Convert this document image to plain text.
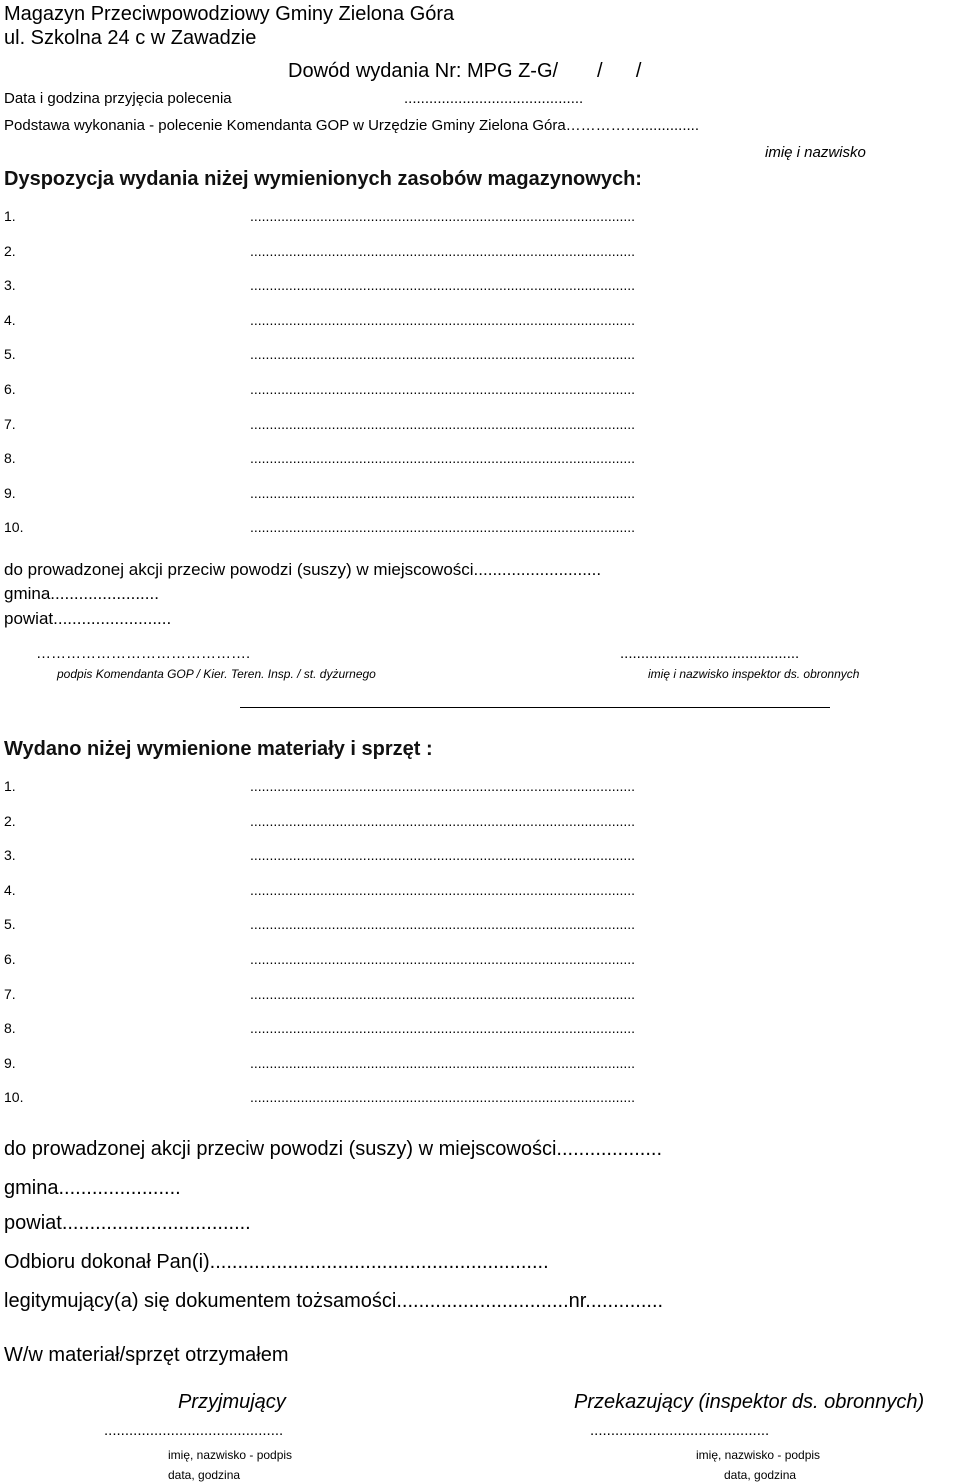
Magazyn Przeciwpowodziowy Gminy Zielona Góra
ul. Szkolna 24 c w Zawadzie
Dowód wydania Nr: MPG Z-G/       /      /
Data i godzina przyjęcia polecenia	...........................................
Podstawa wykonania - polecenie Komendanta GOP w Urzędzie Gminy Zielona Góra……………..............
imię i nazwisko
Dyspozycja wydania niżej wymienionych zasobów magazynowych:
1.	...................................................................................................
2.	...................................................................................................
3.	...................................................................................................
4.	...................................................................................................
5.	...................................................................................................
6.	...................................................................................................
7.	...................................................................................................
8.	...................................................................................................
9.	...................................................................................................
10.	...................................................................................................
do prowadzonej akcji przeciw powodzi (suszy) w miejscowości...........................
gmina.......................
powiat.........................
…………………………………….	...........................................
podpis Komendanta GOP / Kier. Teren. Insp. / st. dyżurnego	imię i nazwisko inspektor ds. obronnych
Wydano niżej wymienione materiały i sprzęt :
1.	...................................................................................................
2.	...................................................................................................
3.	...................................................................................................
4.	...................................................................................................
5.	...................................................................................................
6.	...................................................................................................
7.	...................................................................................................
8.	...................................................................................................
9.	...................................................................................................
10.	...................................................................................................
do prowadzonej akcji przeciw powodzi (suszy) w miejscowości...................
gmina......................
powiat..................................
Odbioru dokonał Pan(i).............................................................
legitymujący(a) się dokumentem tożsamości...............................nr..............
W/w materiał/sprzęt otrzymałem
Przyjmujący	Przekazujący (inspektor ds. obronnych)
...........................................	...........................................
imię, nazwisko - podpis
data, godzina
imię, nazwisko - podpis
data, godzina
